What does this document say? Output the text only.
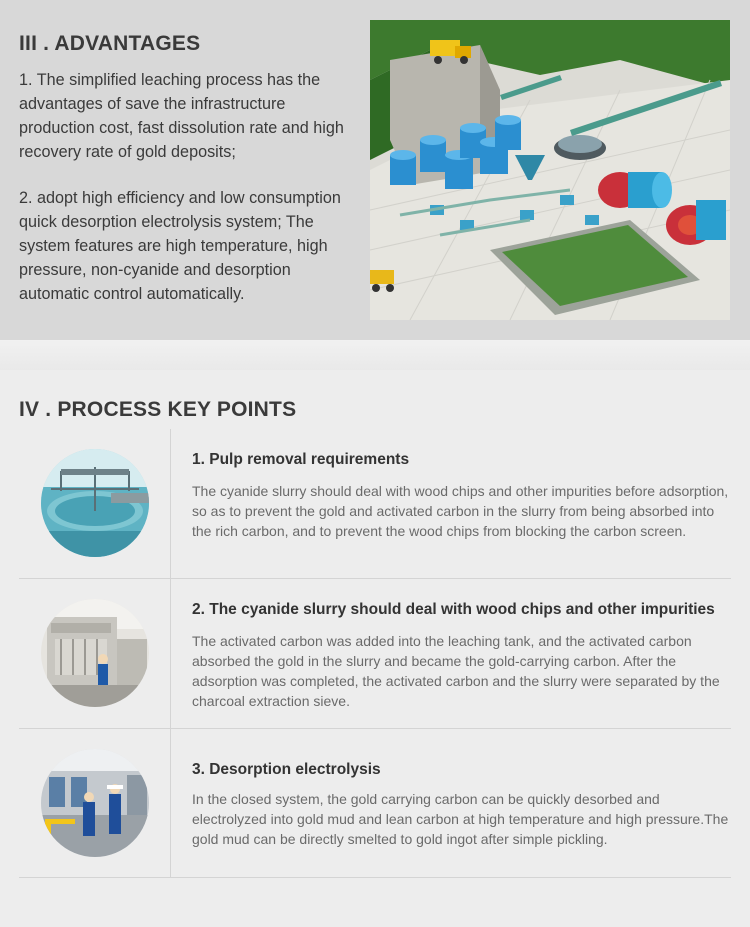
III . ADVANTAGES

1. The simplified leaching process has the advantages of save the infrastructure production cost, fast dissolution rate and high recovery rate of gold deposits;

2. adopt high efficiency and low consumption quick desorption electrolysis system; The system features are high temperature, high pressure, non-cyanide and desorption automatic control automatically.

IV . PROCESS KEY POINTS
1. Pulp removal requirements

The cyanide slurry should deal with wood chips and other impurities before adsorption, so as to prevent the gold and activated carbon in the slurry from being absorbed into the rich carbon, and to prevent the wood chips from blocking the carbon screen.

2. The cyanide slurry should deal with wood chips and other impurities

The activated carbon was added into the leaching tank, and the activated carbon absorbed the gold in the slurry and became the gold-carrying carbon. After the adsorption was completed, the activated carbon and the slurry were separated by the charcoal extraction sieve.

3. Desorption electrolysis

In the closed system, the gold carrying carbon can be quickly desorbed and electrolyzed into gold mud and lean carbon at high temperature and high pressure.The gold mud can be directly smelted to gold ingot after simple pickling.
